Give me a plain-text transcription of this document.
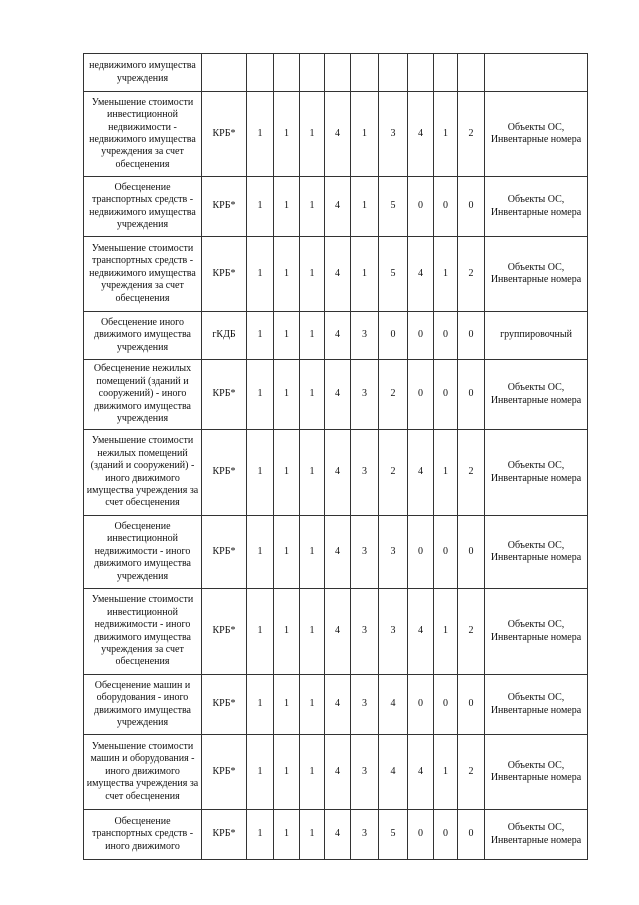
недвижимого имущества учреждения											

Уменьшение стоимости инвестиционной недвижимости - недвижимого имущества учреждения за счет обесценения	КРБ*	1	1	1	4	1	3	4	1	2	Объекты ОС,
Инвентарные номера

Обесценение транспортных средств - недвижимого имущества учреждения	КРБ*	1	1	1	4	1	5	0	0	0	Объекты ОС,
Инвентарные номера

Уменьшение стоимости транспортных средств - недвижимого имущества учреждения за счет обесценения	КРБ*	1	1	1	4	1	5	4	1	2	Объекты ОС,
Инвентарные номера

Обесценение иного движимого имущества учреждения	гКДБ	1	1	1	4	3	0	0	0	0	группировочный

Обесценение нежилых помещений (зданий и сооружений) - иного движимого имущества учреждения	КРБ*	1	1	1	4	3	2	0	0	0	Объекты ОС,
Инвентарные номера

Уменьшение стоимости нежилых помещений (зданий и сооружений) - иного движимого имущества учреждения за счет обесценения	КРБ*	1	1	1	4	3	2	4	1	2	Объекты ОС,
Инвентарные номера

Обесценение инвестиционной недвижимости - иного движимого имущества учреждения	КРБ*	1	1	1	4	3	3	0	0	0	Объекты ОС,
Инвентарные номера

Уменьшение стоимости инвестиционной недвижимости - иного движимого имущества учреждения за счет обесценения	КРБ*	1	1	1	4	3	3	4	1	2	Объекты ОС,
Инвентарные номера

Обесценение машин и оборудования - иного движимого имущества учреждения	КРБ*	1	1	1	4	3	4	0	0	0	Объекты ОС,
Инвентарные номера

Уменьшение стоимости машин и оборудования - иного движимого имущества учреждения за счет обесценения	КРБ*	1	1	1	4	3	4	4	1	2	Объекты ОС,
Инвентарные номера

Обесценение транспортных средств - иного движимого	КРБ*	1	1	1	4	3	5	0	0	0	Объекты ОС,
Инвентарные номера
